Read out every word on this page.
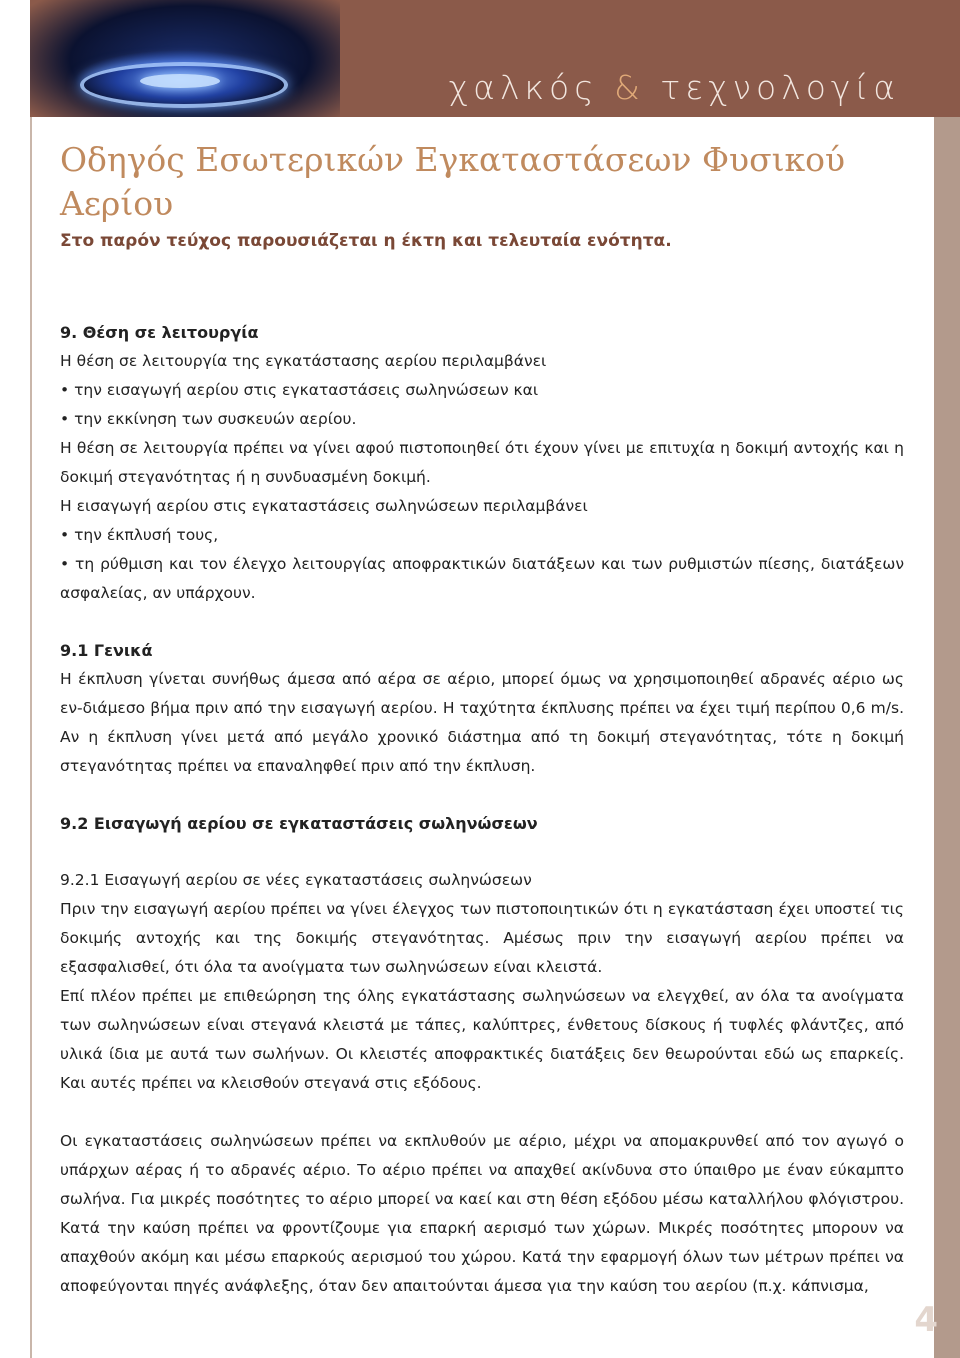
χαλκός & τεχνολογία
Οδηγός Εσωτερικών Εγκαταστάσεων Φυσικού Αερίου

Στο παρόν τεύχος παρουσιάζεται η έκτη και τελευταία ενότητα.

9. Θέση σε λειτουργία

Η θέση σε λειτουργία της εγκατάστασης αερίου περιλαμβάνει

• την εισαγωγή αερίου στις εγκαταστάσεις σωληνώσεων και

• την εκκίνηση των συσκευών αερίου.

Η θέση σε λειτουργία πρέπει να γίνει αφού πιστοποιηθεί ότι έχουν γίνει με επιτυχία η δοκιμή αντοχής και η δοκιμή στεγανότητας ή η συνδυασμένη δοκιμή.

Η εισαγωγή αερίου στις εγκαταστάσεις σωληνώσεων περιλαμβάνει

• την έκπλυσή τους,

• τη ρύθμιση και τον έλεγχο λειτουργίας αποφρακτικών διατάξεων και των ρυθμιστών πίεσης, διατάξεων ασφαλείας, αν υπάρχουν.

9.1 Γενικά

Η έκπλυση γίνεται συνήθως άμεσα από αέρα σε αέριο, μπορεί όμως να χρησιμοποιηθεί αδρανές αέριο ως εν-διάμεσο βήμα πριν από την εισαγωγή αερίου. Η ταχύτητα έκπλυσης πρέπει να έχει τιμή περίπου 0,6 m/s. Αν η έκπλυση γίνει μετά από μεγάλο χρονικό διάστημα από τη δοκιμή στεγανότητας, τότε η δοκιμή στεγανότητας πρέπει να επαναληφθεί πριν από την έκπλυση.

9.2 Εισαγωγή αερίου σε εγκαταστάσεις σωληνώσεων

9.2.1 Εισαγωγή αερίου σε νέες εγκαταστάσεις σωληνώσεων

Πριν την εισαγωγή αερίου πρέπει να γίνει έλεγχος των πιστοποιητικών ότι η εγκατάσταση έχει υποστεί τις δοκιμής αντοχής και της δοκιμής στεγανότητας. Αμέσως πριν την εισαγωγή αερίου πρέπει να εξασφαλισθεί, ότι όλα τα ανοίγματα των σωληνώσεων είναι κλειστά.

Επί πλέον πρέπει με επιθεώρηση της όλης εγκατάστασης σωληνώσεων να ελεγχθεί, αν όλα τα ανοίγματα των σωληνώσεων είναι στεγανά κλειστά με τάπες, καλύπτρες, ένθετους δίσκους ή τυφλές φλάντζες, από υλικά ίδια με αυτά των σωλήνων. Οι κλειστές αποφρακτικές διατάξεις δεν θεωρούνται εδώ ως επαρκείς. Και αυτές πρέπει να κλεισθούν στεγανά στις εξόδους.

Οι εγκαταστάσεις σωληνώσεων πρέπει να εκπλυθούν με αέριο, μέχρι να απομακρυνθεί από τον αγωγό ο υπάρχων αέρας ή το αδρανές αέριο. Το αέριο πρέπει να απαχθεί ακίνδυνα στο ύπαιθρο με έναν εύκαμπτο σωλήνα. Για μικρές ποσότητες το αέριο μπορεί να καεί και στη θέση εξόδου μέσω καταλλήλου φλόγιστρου. Κατά την καύση πρέπει να φροντίζουμε για επαρκή αερισμό των χώρων. Μικρές ποσότητες μπορουν να απαχθούν ακόμη και μέσω επαρκούς αερισμού του χώρου. Κατά την εφαρμογή όλων των μέτρων πρέπει να αποφεύγονται πηγές ανάφλεξης, όταν δεν απαιτούνται άμεσα για την καύση του αερίου (π.χ. κάπνισμα,

4
